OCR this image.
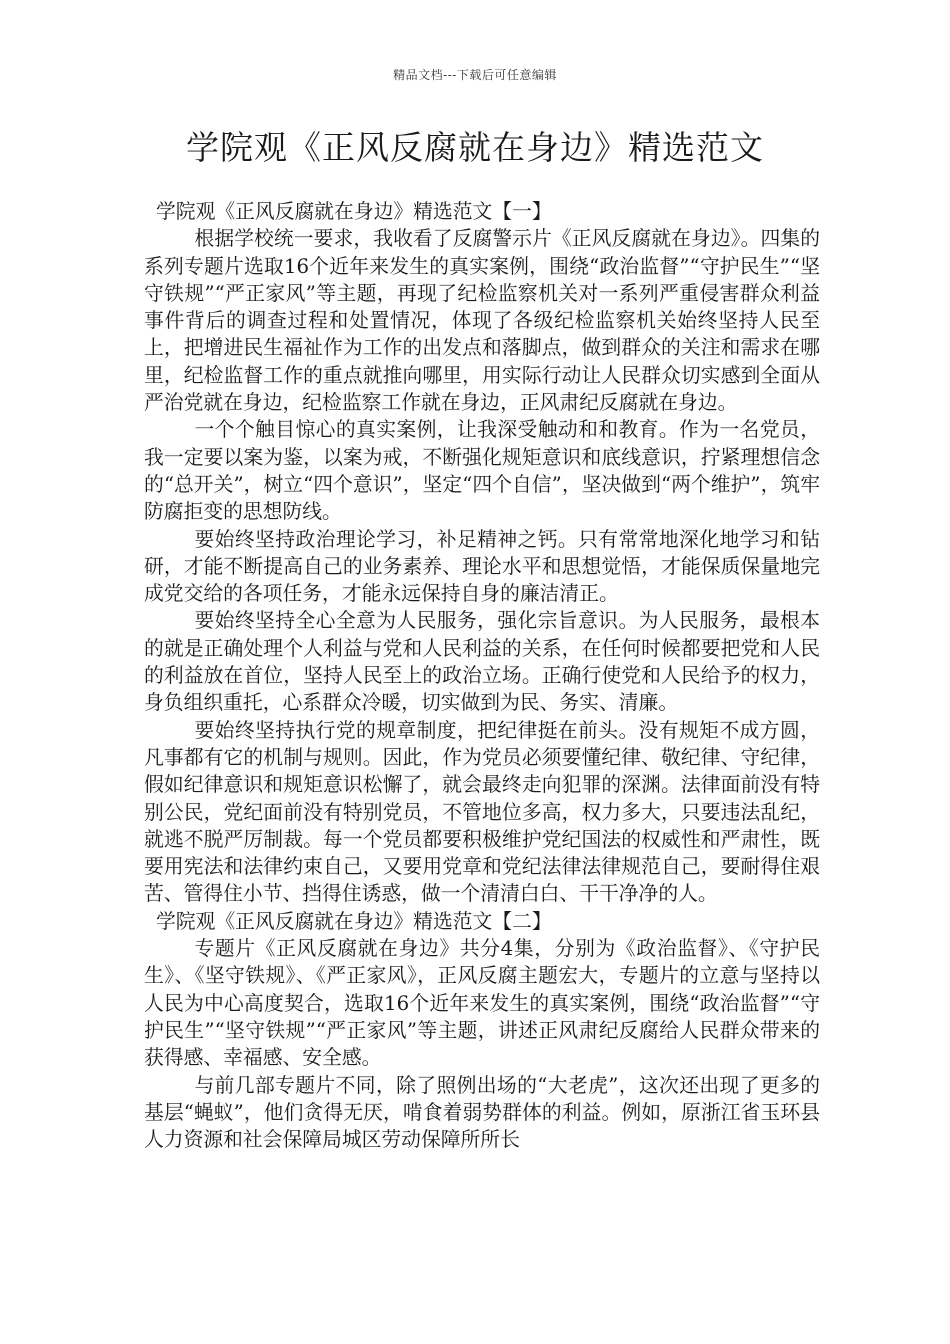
精品文档---下载后可任意编辑
学院观《正风反腐就在身边》精选范文

学院观《正风反腐就在身边》精选范文【一】

根据学校统一要求，我收看了反腐警示片《正风反腐就在身边》。四集的系列专题片选取16个近年来发生的真实案例，围绕“政治监督”“守护民生”“坚守铁规”“严正家风”等主题，再现了纪检监察机关对一系列严重侵害群众利益事件背后的调查过程和处置情况，体现了各级纪检监察机关始终坚持人民至上，把增进民生福祉作为工作的出发点和落脚点，做到群众的关注和需求在哪里，纪检监督工作的重点就推向哪里，用实际行动让人民群众切实感到全面从严治党就在身边，纪检监察工作就在身边，正风肃纪反腐就在身边。

一个个触目惊心的真实案例，让我深受触动和和教育。作为一名党员，我一定要以案为鉴，以案为戒，不断强化规矩意识和底线意识，拧紧理想信念的“总开关”，树立“四个意识”，坚定“四个自信”，坚决做到“两个维护”，筑牢防腐拒变的思想防线。

要始终坚持政治理论学习，补足精神之钙。只有常常地深化地学习和钻研，才能不断提高自己的业务素养、理论水平和思想觉悟，才能保质保量地完成党交给的各项任务，才能永远保持自身的廉洁清正。

要始终坚持全心全意为人民服务，强化宗旨意识。为人民服务，最根本的就是正确处理个人利益与党和人民利益的关系，在任何时候都要把党和人民的利益放在首位，坚持人民至上的政治立场。正确行使党和人民给予的权力，身负组织重托，心系群众冷暖，切实做到为民、务实、清廉。

要始终坚持执行党的规章制度，把纪律挺在前头。没有规矩不成方圆，凡事都有它的机制与规则。因此，作为党员必须要懂纪律、敬纪律、守纪律，假如纪律意识和规矩意识松懈了，就会最终走向犯罪的深渊。法律面前没有特别公民，党纪面前没有特别党员，不管地位多高，权力多大，只要违法乱纪，就逃不脱严厉制裁。每一个党员都要积极维护党纪国法的权威性和严肃性，既要用宪法和法律约束自己，又要用党章和党纪法律法律规范自己，要耐得住艰苦、管得住小节、挡得住诱惑，做一个清清白白、干干净净的人。

学院观《正风反腐就在身边》精选范文【二】

专题片《正风反腐就在身边》共分4集，分别为《政治监督》、《守护民生》、《坚守铁规》、《严正家风》，正风反腐主题宏大，专题片的立意与坚持以人民为中心高度契合，选取16个近年来发生的真实案例，围绕“政治监督”“守护民生”“坚守铁规”“严正家风”等主题，讲述正风肃纪反腐给人民群众带来的获得感、幸福感、安全感。

与前几部专题片不同，除了照例出场的“大老虎”，这次还出现了更多的基层“蝇蚁”，他们贪得无厌，啃食着弱势群体的利益。例如，原浙江省玉环县人力资源和社会保障局城区劳动保障所所长
